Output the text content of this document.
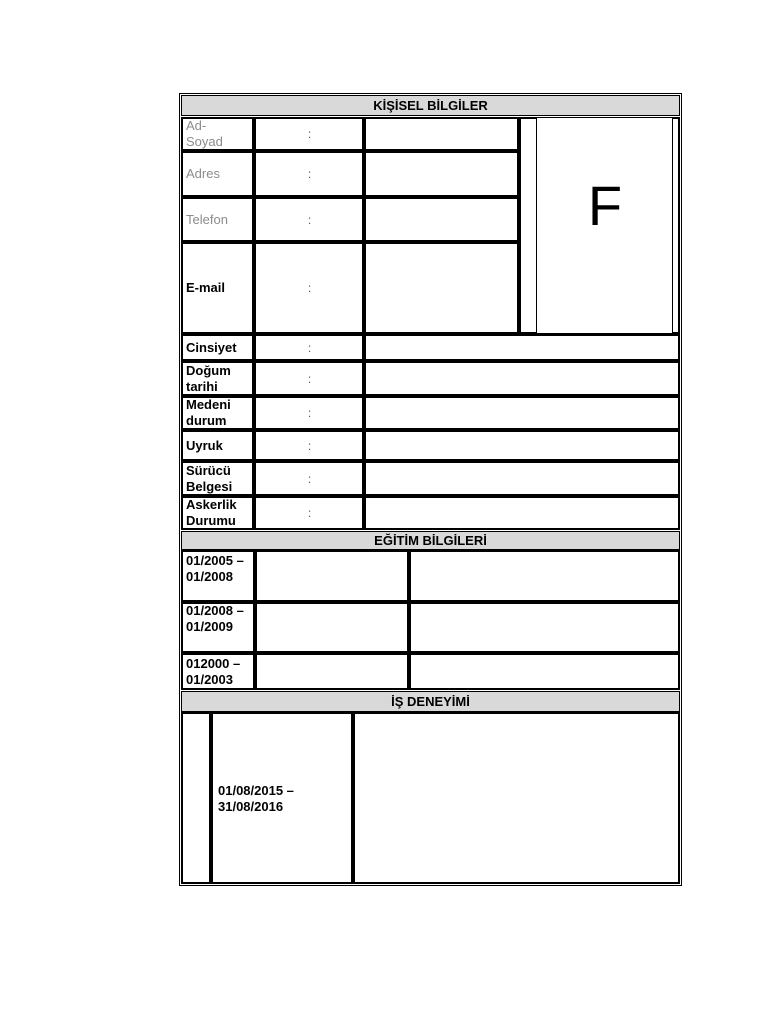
KİŞİSEL BİLGİLER
F
Ad-
Soyad
Adres
Telefon
E-mail
Cinsiyet
Doğum tarihi
Medeni durum
Uyruk
Sürücü Belgesi
Askerlik Durumu
:
:
:
:
:
:
:
:
:
:
EĞİTİM BİLGİLERİ
01/2005 – 01/2008
01/2008 – 01/2009
012000 – 01/2003
İŞ DENEYİMİ
01/08/2015 – 31/08/2016
